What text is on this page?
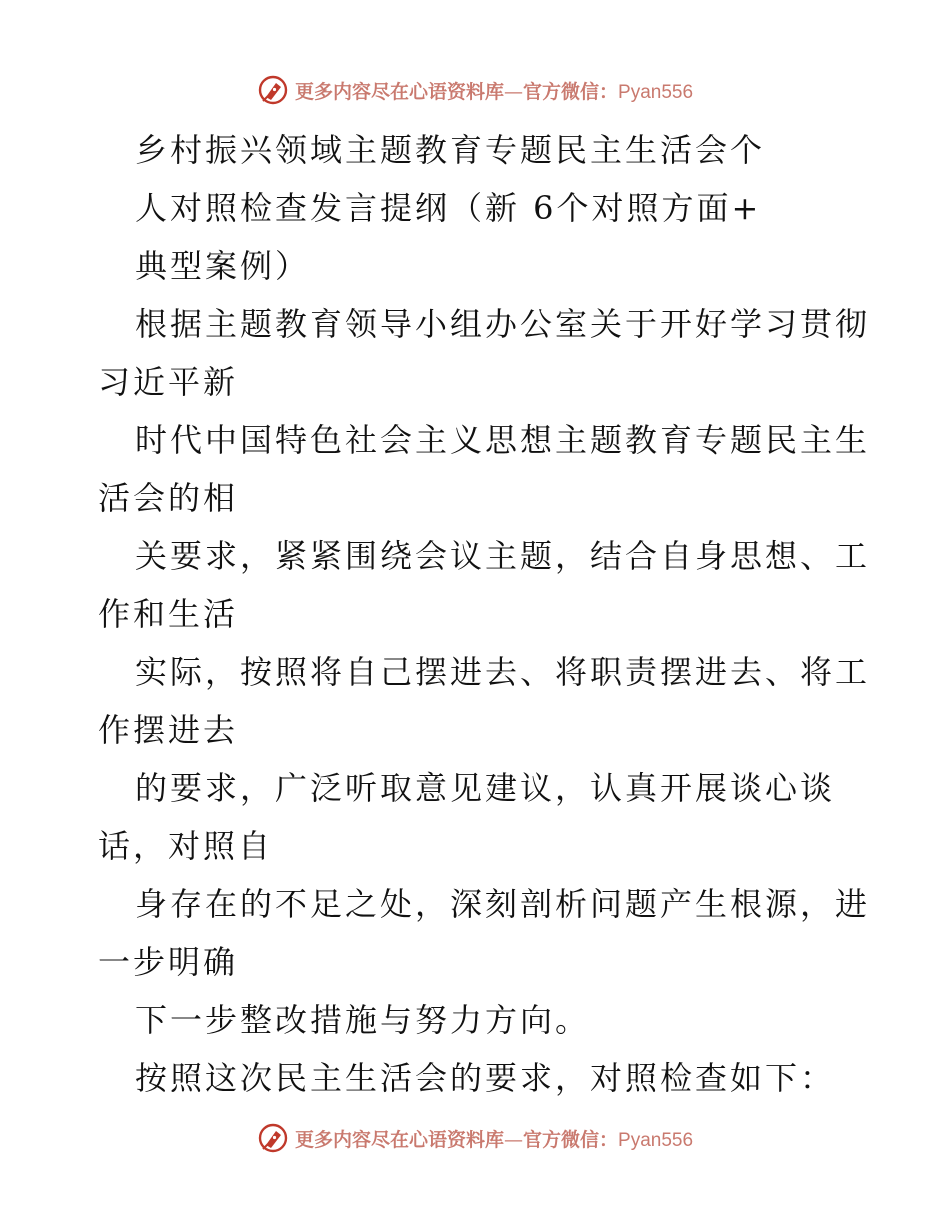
更多内容尽在心语资料库—官方微信：Pyan556
乡村振兴领域主题教育专题民主生活会个
人对照检查发言提纲（新 6个对照方面+
典型案例）
根据主题教育领导小组办公室关于开好学习贯彻
习近平新
时代中国特色社会主义思想主题教育专题民主生
活会的相
关要求，紧紧围绕会议主题，结合自身思想、工
作和生活
实际，按照将自己摆进去、将职责摆进去、将工
作摆进去
的要求，广泛听取意见建议，认真开展谈心谈
话，对照自
身存在的不足之处，深刻剖析问题产生根源，进
一步明确
下一步整改措施与努力方向。
按照这次民主生活会的要求，对照检查如下：
更多内容尽在心语资料库—官方微信：Pyan556
